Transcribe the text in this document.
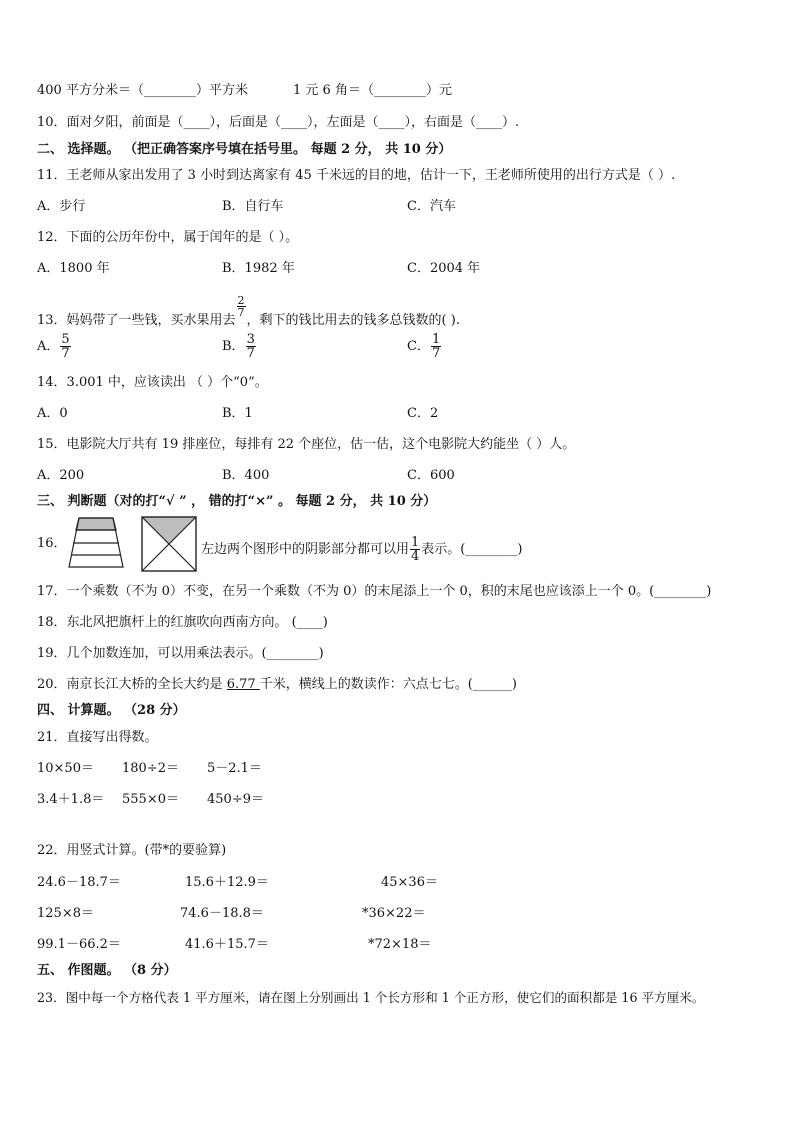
400 平方分米＝（________）平方米	1 元 6 角＝（________）元
10．面对夕阳，前面是（____），后面是（____），左面是（____），右面是（____）.
二、 选择题。 （把正确答案序号填在括号里。 每题 2 分， 共 10 分）
11．王老师从家出发用了 3 小时到达离家有 45 千米远的目的地，估计一下，王老师所使用的出行方式是（ ）.
A．步行	B．自行车	C．汽车
12．下面的公历年份中，属于闰年的是（ ）。
A．1800 年	B．1982 年	C．2004 年
13．妈妈带了一些钱，买水果用去
$\frac{2}{7}$
，剩下的钱比用去的钱多总钱数的( ).
A． $\frac{5}{7}$	B． $\frac{3}{7}$	C． $\frac{1}{7}$
14．3.001 中，应该读出 （ ）个“0”。
A．0	B．1	C．2
15．电影院大厅共有 19 排座位，每排有 22 个座位，估一估，这个电影院大约能坐（ ）人。
A．200	B．400	C．600
三、 判断题（对的打“√ ” ， 错的打“×” 。 每题 2 分， 共 10 分）
16．	左边两个图形中的阴影部分都可以用 $\frac{1}{4}$ 表示。(________)
17．一个乘数（不为 0）不变，在另一个乘数（不为 0）的末尾添上一个 0，积的末尾也应该添上一个 0。(________)
18．东北风把旗杆上的红旗吹向西南方向。 (____)
19．几个加数连加，可以用乘法表示。(________)
20．南京长江大桥的全长大约是 6.77 千米，横线上的数读作：六点七七。(______)
四、 计算题。 （28 分）
21．直接写出得数。
10×50＝ 180÷2＝ 5－2.1＝
3.4＋1.8＝ 555×0＝ 450÷9＝
22．用竖式计算。(带*的要验算)
24.6－18.7＝	15.6＋12.9＝	45×36＝
125×8＝	74.6－18.8＝	*36×22＝
99.1－66.2＝	41.6＋15.7＝	*72×18＝
五、 作图题。 （8 分）
23．图中每一个方格代表 1 平方厘米，请在图上分别画出 1 个长方形和 1 个正方形，使它们的面积都是 16 平方厘米。
